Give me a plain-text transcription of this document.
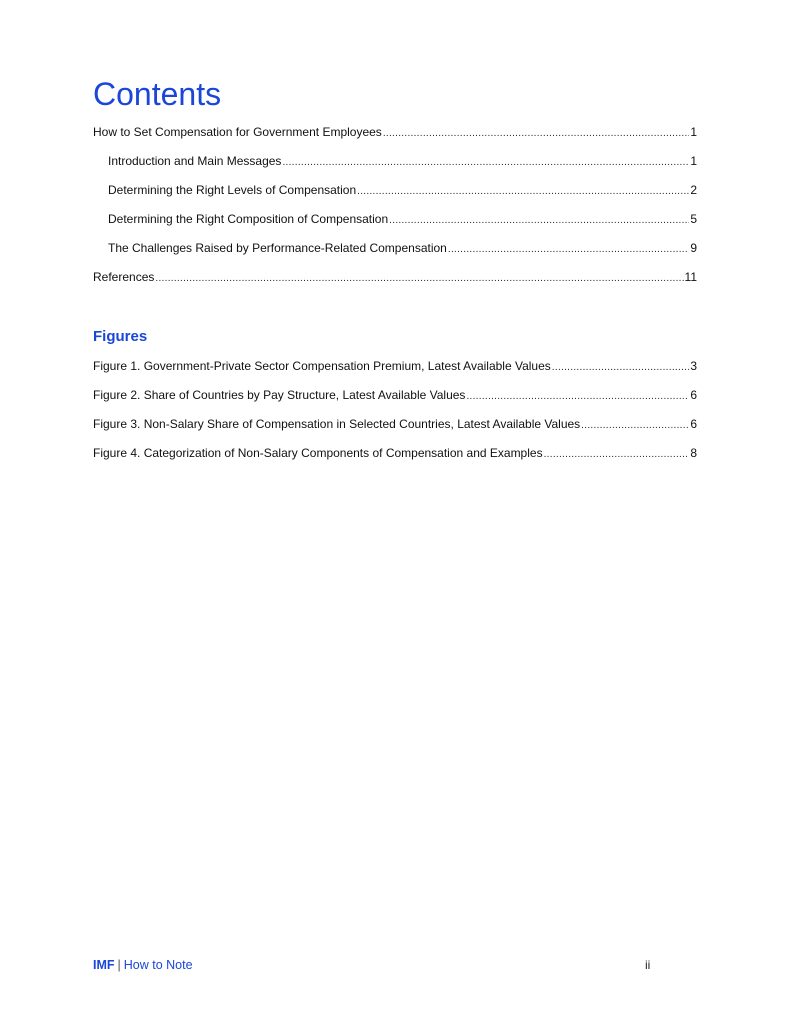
Contents
How to Set Compensation for Government Employees .....	1
Introduction and Main Messages .....	1
Determining the Right Levels of Compensation .....	2
Determining the Right Composition of Compensation .....	5
The Challenges Raised by Performance-Related Compensation .....	9
References .....	11
Figures
Figure 1. Government-Private Sector Compensation Premium, Latest Available Values .....	3
Figure 2. Share of Countries by Pay Structure, Latest Available Values .....	6
Figure 3. Non-Salary Share of Compensation in Selected Countries, Latest Available Values .....	6
Figure 4. Categorization of Non-Salary Components of Compensation and Examples .....	8
IMF | How to Note	ii
